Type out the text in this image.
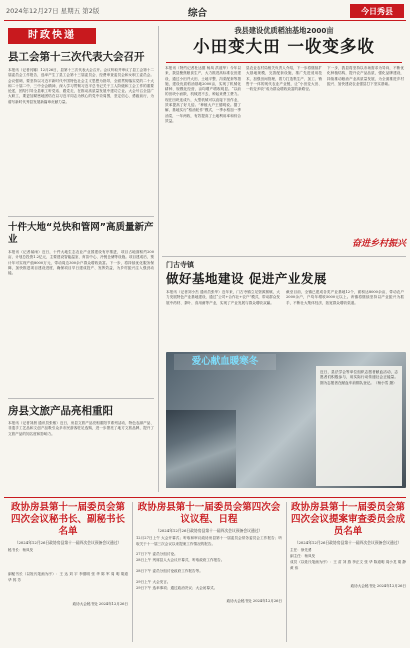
2024年12月27日 星期五 第2版	综合	今日秀县
时政快递
县工会第十三次代表大会召开
本报讯（记者闫娜）12月26日，县第十三次代表大会召开。会议听取并审议了县工会第十二届委员会工作报告，选举产生了县工会第十三届委员会、经费审查委员会和女职工委员会。会议强调，要坚持以习近平新时代中国特色社会主义思想为指导，全面贯彻落实党的二十大和二十届二中、三中全会精神，深入学习贯彻习近平总书记关于工人阶级和工会工作的重要论述，团结引导全县职工听党话、跟党走，在推动高质量发展中建功立业。大会号召全县广大职工，要更加紧密地团结在以习近平同志为核心的党中央周围，坚定信心、勇毅前行，为谱写新时代秀县发展新篇章贡献力量。
十件大地“兑快和管网”高质量新产业
本报讯（记者郝雨）近日，十件大地生态农业产业园建设有序推进，项目占地面积约200亩，计划总投资1.2亿元，主要建设智能温室、育苗中心、冷链仓储等设施。项目建成后，预计年可实现产值8000万元，带动周边300余户群众增收致富。下一步，将持续优化服务保障，加快推进项目建设进度，确保项目早日建成投产、发挥效益，为乡村振兴注入强劲动能。
房县文旅产品亮相重阳
本报讯（记者刘晨 通讯员张敏）近日，房县文旅产品亮相重阳节系列活动，特色农副产品、非遗手工艺品和文创产品吸引众多市民游客驻足选购，进一步擦亮了地方文旅品牌，提升了文旅产品的知名度和影响力。
我县建设优质稻油基地2000亩
小田变大田 一收变多收
本报讯（特约记者杜达德 杨凤 洪道华）今年以来，我县聚焦粮食生产，大力推进高标准农田建设，通过小田并大田、土地平整、沟渠配套等措施，建设优质稻油基地2000亩，实现了机械化耕种、规模化经营，亩均增产增收明显。“以前的田块小而散，机械进不去，种起来费工费力。现在田块连成片，大型机械可以直接下田作业，效率提高了好几倍。”种植大户王德明说。据了解，基地实行“稻油轮作”模式，一季水稻加一季油菜，一年两收，有效提高了土地利用率和综合效益。
县农业农村局相关负责人介绍，下一步将继续扩大基地规模，完善配套设施，推广先进适用技术，加强田间管理，着力打造集生产、加工、销售于一体的现代农业产业链，让“小田变大田、一收变多收”成为群众增收致富的新路径。
下一步，我县将坚持以市场需求为导向，不断优化种植结构，提升农产品品质，强化品牌建设，持续推动粮油产业高质量发展，为全面推进乡村振兴、加快建设农业强县打下坚实基础。
奋进乡村振兴
门古寺镇
做好基地建设 促进产业发展
本报讯（记者刘小杰 通讯员张华）近年来，门古寺镇立足资源禀赋，大力发展特色产业基地建设，通过“公司+合作社+农户”模式，带动群众发展中药材、茶叶、食用菌等产业，实现了产业发展与群众增收双赢。
截至目前，全镇已建成各类产业基地12个，面积达8000余亩，带动农户2000余户，户均年增收5000元以上。该镇将继续坚持以产业振兴为抓手，不断壮大集体经济，拓宽群众增收渠道。
爱心献血暖寒冬
近日，县法学会等单位组织志愿者献血活动，志愿者们积极参与，用实际行动传递社会正能量。图为志愿者在献血车前排队登记。（杨小雪 摄）
政协房县第十一届委员会第四次会议秘书长、副秘书长名单
（2024年12月26日政协房县第十一届四次会议预备会议通过）
秘书长：杨凤发
副秘书长（以姓氏笔画为序）：王 达 刘 宇 李德明 张 华 陈 军 周 明 胡道华 郭 芳
政协大会秘书处 2024年12月26日
政协房县第十一届委员会第四次会议议程、日程
（2024年12月26日政协房县第十一届四次会议预备会议通过）
12月27日上午 大会开幕式；听取和审议政协房县第十一届委员会常务委员会工作报告；听取关于十一届三次会议以来提案工作情况的报告。
27日下午 委员分组讨论。
28日上午 列席县人大会议开幕式，听取政府工作报告。
28日下午 委员分组讨论政府工作报告等。
29日上午 大会发言。
29日下午 选举事项；通过政治决议；大会闭幕式。
政协大会秘书处 2024年12月26日
政协房县第十一届委员会第四次会议提案审查委员会成员名单
（2024年12月26日政协房县第十一届四次会议预备会议通过）
主任：徐先勇
副主任：杨凤发
成员（以姓氏笔画为序）：王 苗 刘 燕 李正文 张 华 陈道明 周小龙 胡 静 黄 伟
政协大会秘书处 2024年12月26日
